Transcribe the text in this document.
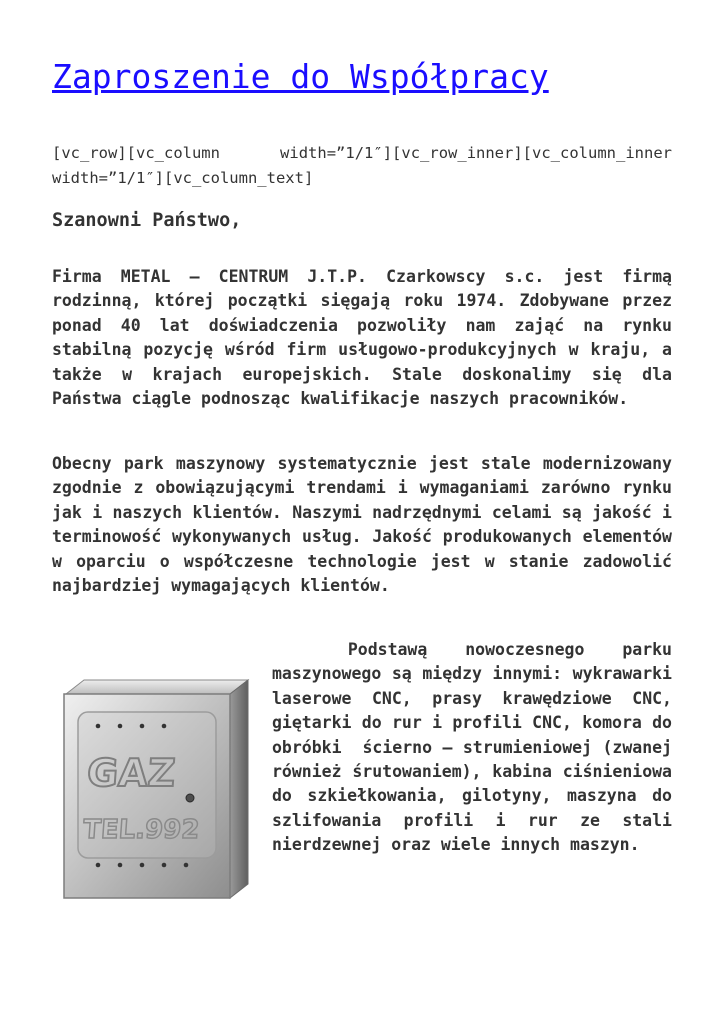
Zaproszenie do Współpracy

[vc_row][vc_column width=”1/1″][vc_row_inner][vc_column_inner width=”1/1″][vc_column_text]

Szanowni Państwo,

Firma METAL – CENTRUM J.T.P. Czarkowscy s.c. jest firmą rodzinną, której początki sięgają roku 1974. Zdobywane przez ponad 40 lat doświadczenia pozwoliły nam zająć na rynku stabilną pozycję wśród firm usługowo-produkcyjnych w kraju, a także w krajach europejskich. Stale doskonalimy się dla Państwa ciągle podnosząc kwalifikacje naszych pracowników.

Obecny park maszynowy systematycznie jest stale modernizowany zgodnie z obowiązującymi trendami i wymaganiami zarówno rynku jak i naszych klientów. Naszymi nadrzędnymi celami są jakość i terminowość wykonywanych usług. Jakość produkowanych elementów w oparciu o współczesne technologie jest w stanie zadowolić najbardziej wymagających klientów.

GAZ
TEL.992

Podstawą nowoczesnego parku maszynowego są między innymi: wykrawarki laserowe CNC, prasy krawędziowe CNC, giętarki do rur i profili CNC, komora do obróbki  ścierno – strumieniowej (zwanej również śrutowaniem), kabina ciśnieniowa do szkiełkowania, gilotyny, maszyna do szlifowania profili i rur ze stali nierdzewnej oraz wiele innych maszyn.
